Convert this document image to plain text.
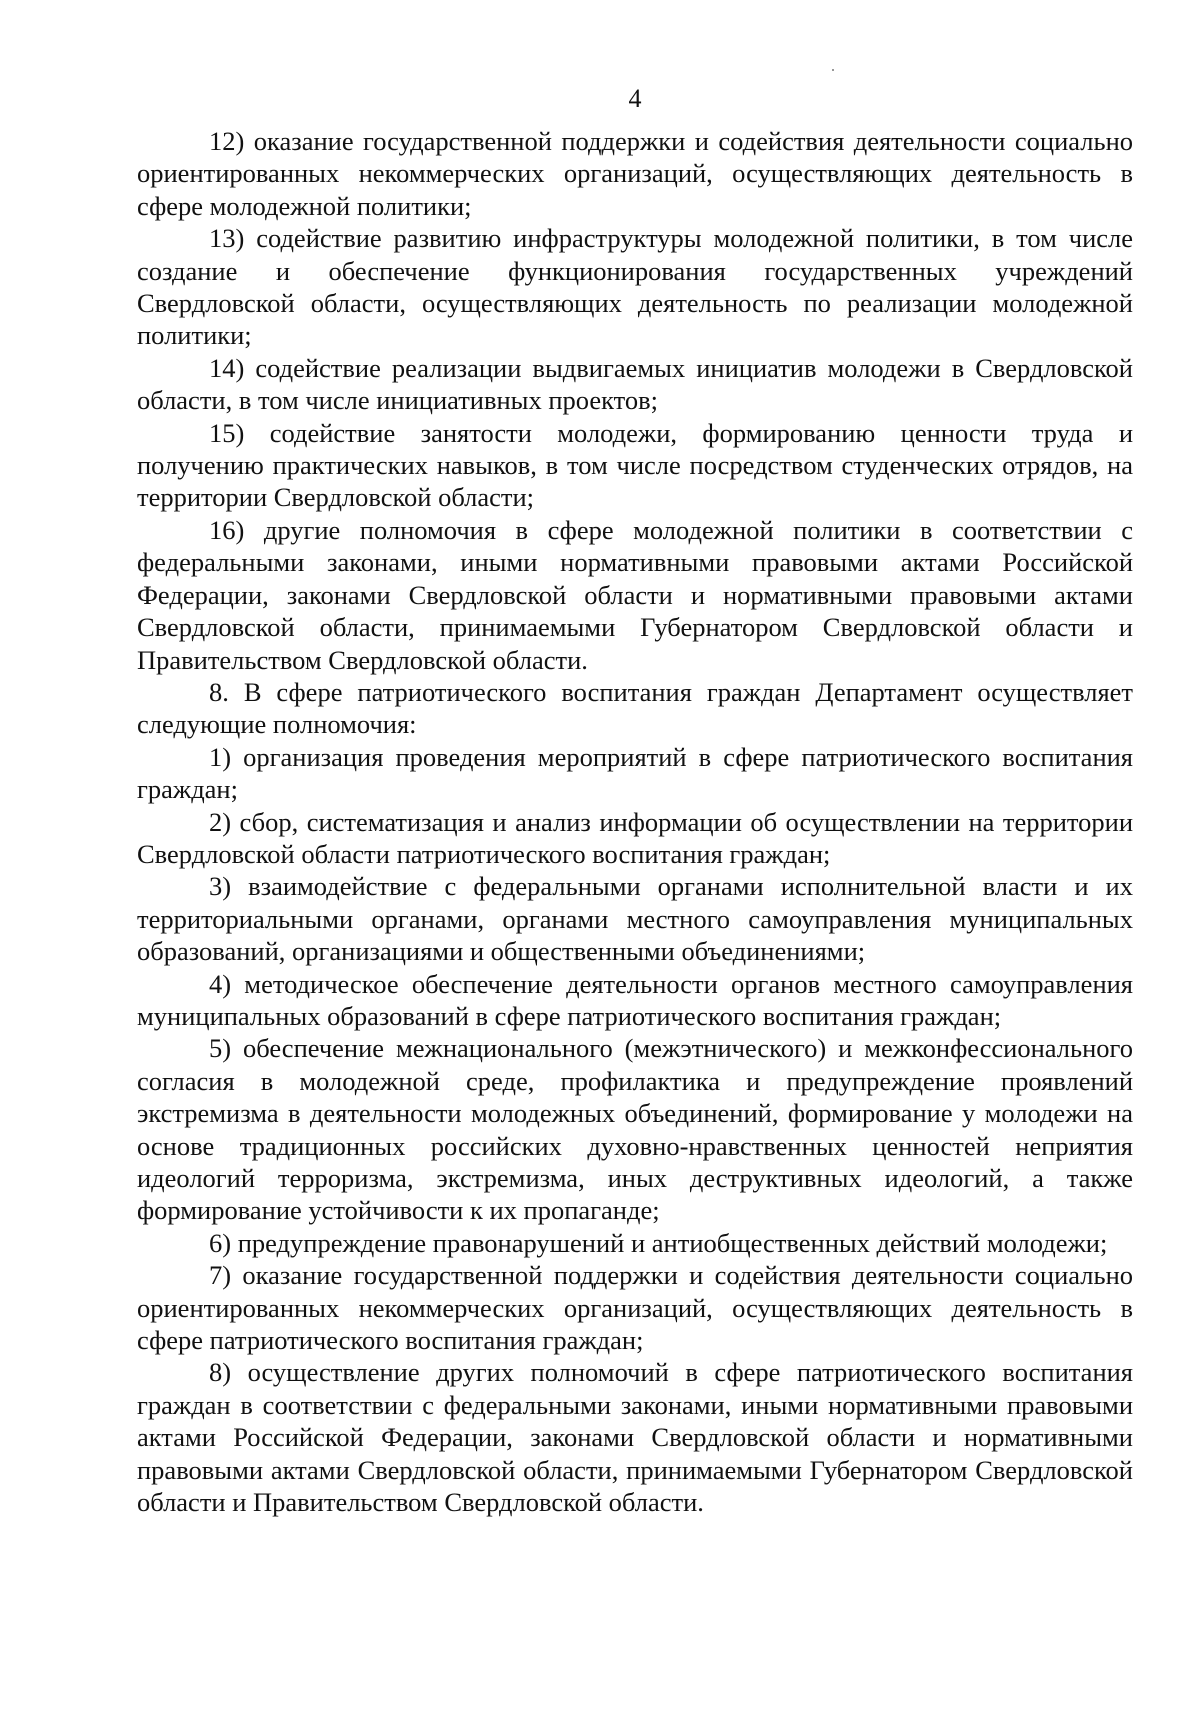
4

12) оказание государственной поддержки и содействия деятельности социально ориентированных некоммерческих организаций, осуществляющих деятельность в сфере молодежной политики;

13) содействие развитию инфраструктуры молодежной политики, в том числе создание и обеспечение функционирования государственных учреждений Свердловской области, осуществляющих деятельность по реализации молодежной политики;

14) содействие реализации выдвигаемых инициатив молодежи в Свердловской области, в том числе инициативных проектов;

15) содействие занятости молодежи, формированию ценности труда и получению практических навыков, в том числе посредством студенческих отрядов, на территории Свердловской области;

16) другие полномочия в сфере молодежной политики в соответствии с федеральными законами, иными нормативными правовыми актами Российской Федерации, законами Свердловской области и нормативными правовыми актами Свердловской области, принимаемыми Губернатором Свердловской области и Правительством Свердловской области.

8. В сфере патриотического воспитания граждан Департамент осуществляет следующие полномочия:

1) организация проведения мероприятий в сфере патриотического воспитания граждан;

2) сбор, систематизация и анализ информации об осуществлении на территории Свердловской области патриотического воспитания граждан;

3) взаимодействие с федеральными органами исполнительной власти и их территориальными органами, органами местного самоуправления муниципальных образований, организациями и общественными объединениями;

4) методическое обеспечение деятельности органов местного самоуправления муниципальных образований в сфере патриотического воспитания граждан;

5) обеспечение межнационального (межэтнического) и межконфессионального согласия в молодежной среде, профилактика и предупреждение проявлений экстремизма в деятельности молодежных объединений, формирование у молодежи на основе традиционных российских духовно-нравственных ценностей неприятия идеологий терроризма, экстремизма, иных деструктивных идеологий, а также формирование устойчивости к их пропаганде;

6) предупреждение правонарушений и антиобщественных действий молодежи;

7) оказание государственной поддержки и содействия деятельности социально ориентированных некоммерческих организаций, осуществляющих деятельность в сфере патриотического воспитания граждан;

8) осуществление других полномочий в сфере патриотического воспитания граждан в соответствии с федеральными законами, иными нормативными правовыми актами Российской Федерации, законами Свердловской области и нормативными правовыми актами Свердловской области, принимаемыми Губернатором Свердловской области и Правительством Свердловской области.
